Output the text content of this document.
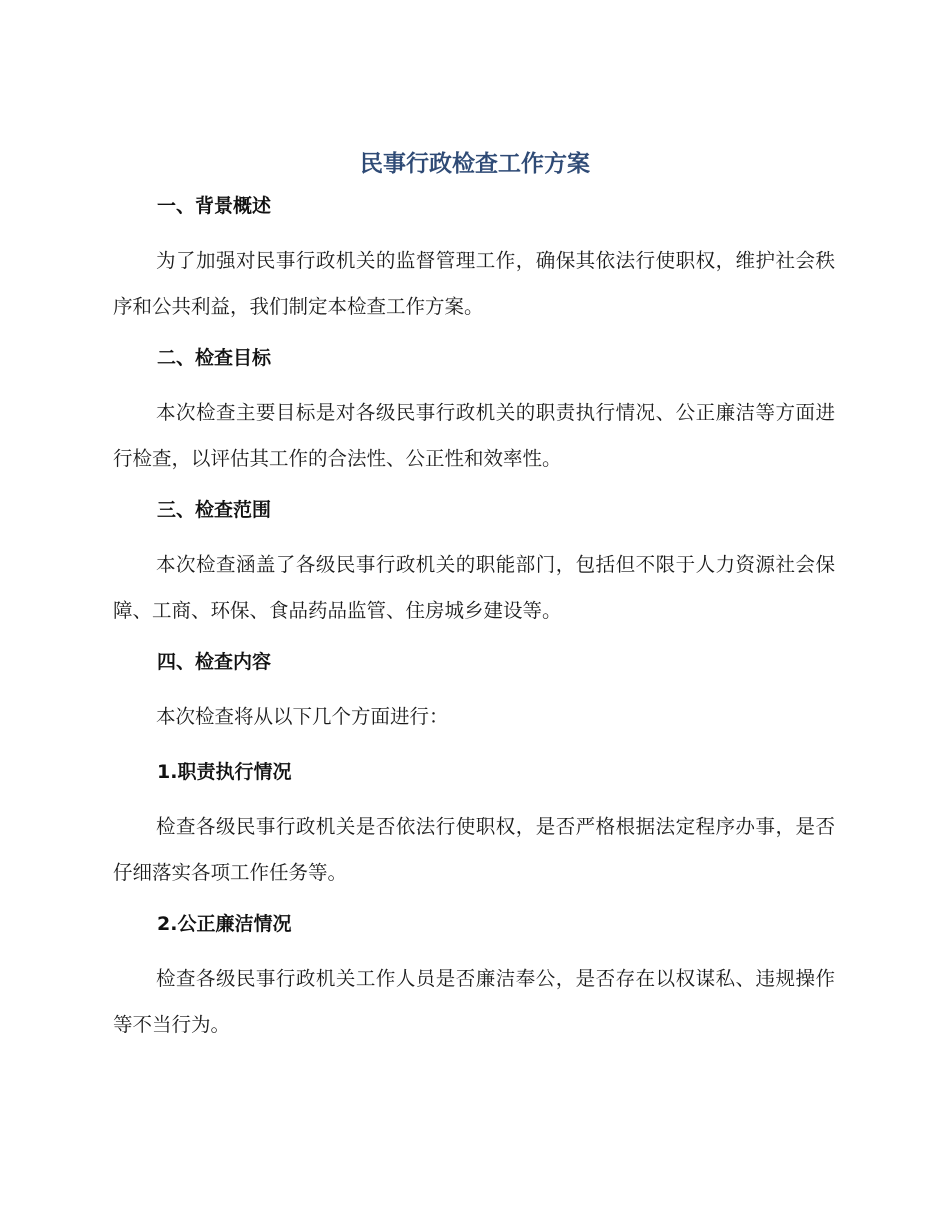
民事行政检查工作方案
一、背景概述

为了加强对民事行政机关的监督管理工作，确保其依法行使职权，维护社会秩序和公共利益，我们制定本检查工作方案。

二、检查目标

本次检查主要目标是对各级民事行政机关的职责执行情况、公正廉洁等方面进行检查，以评估其工作的合法性、公正性和效率性。

三、检查范围

本次检查涵盖了各级民事行政机关的职能部门，包括但不限于人力资源社会保障、工商、环保、食品药品监管、住房城乡建设等。

四、检查内容

本次检查将从以下几个方面进行：

1.职责执行情况

检查各级民事行政机关是否依法行使职权，是否严格根据法定程序办事，是否仔细落实各项工作任务等。

2.公正廉洁情况

检查各级民事行政机关工作人员是否廉洁奉公，是否存在以权谋私、违规操作等不当行为。
